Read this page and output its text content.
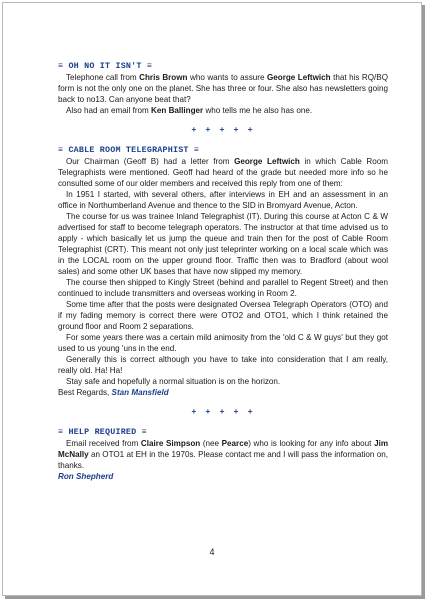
≡ OH NO IT ISN'T ≡

Telephone call from Chris Brown who wants to assure George Leftwich that his RQ/BQ form is not the only one on the planet. She has three or four. She also has newsletters going back to no13. Can anyone beat that?

Also had an email from Ken Ballinger who tells me he also has one.

+ + + + +
≡ CABLE ROOM TELEGRAPHIST ≡

Our Chairman (Geoff B) had a letter from George Leftwich in which Cable Room Telegraphists were mentioned. Geoff had heard of the grade but needed more info so he consulted some of our older members and received this reply from one of them:

In 1951 I started, with several others, after interviews in EH and an assessment in an office in Northumberland Avenue and thence to the SID in Bromyard Avenue, Acton.

The course for us was trainee Inland Telegraphist (IT). During this course at Acton C & W advertised for staff to become telegraph operators. The instructor at that time advised us to apply - which basically let us jump the queue and train then for the post of Cable Room Telegraphist (CRT). This meant not only just teleprinter working on a local scale which was in the LOCAL room on the upper ground floor. Traffic then was to Bradford (about wool sales) and some other UK bases that have now slipped my memory.

The course then shipped to Kingly Street (behind and parallel to Regent Street) and then continued to include transmitters and overseas working in Room 2.

Some time after that the posts were designated Oversea Telegraph Operators (OTO) and if my fading memory is correct there were OTO2 and OTO1, which I think retained the ground floor and Room 2 separations.

For some years there was a certain mild animosity from the 'old C & W guys' but they got used to us young 'uns in the end.

Generally this is correct although you have to take into consideration that I am really, really old. Ha! Ha!

Stay safe and hopefully a normal situation is on the horizon.

Best Regards, Stan Mansfield

+ + + + +
≡ HELP REQUIRED ≡

Email received from Claire Simpson (nee Pearce) who is looking for any info about Jim McNally an OTO1 at EH in the 1970s. Please contact me and I will pass the information on, thanks.

Ron Shepherd

4
